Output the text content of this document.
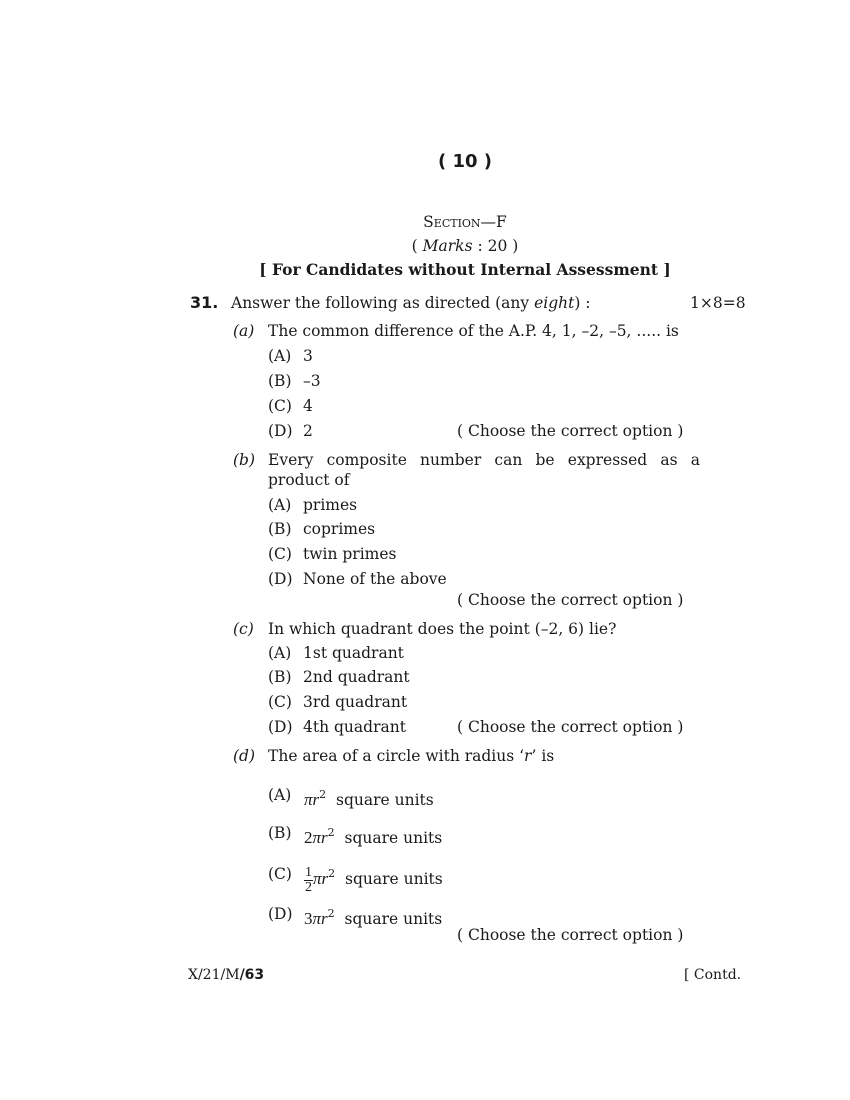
( 10 )
Section—F
( Marks : 20 )
[ For Candidates without Internal Assessment ]
31. Answer the following as directed (any eight) :	1×8=8
(a) The common difference of the A.P. 4, 1, –2, –5, ..... is
(A) 3
(B) –3
(C) 4
(D) 2	( Choose the correct option )
(b) Every composite number can be expressed as a
product of
(A) primes
(B) coprimes
(C) twin primes
(D) None of the above
( Choose the correct option )
(c) In which quadrant does the point (–2, 6) lie?
(A) 1st quadrant
(B) 2nd quadrant
(C) 3rd quadrant
(D) 4th quadrant	( Choose the correct option )
(d) The area of a circle with radius ‘r’ is
(A) $\pi r^2$ square units
(B) $2\pi r^2$ square units
$(C) \frac{1}{2} \pi r^2$ square units
(D) $3\pi r^2$ square units
( Choose the correct option )
X/21/M/63	[ Contd.
